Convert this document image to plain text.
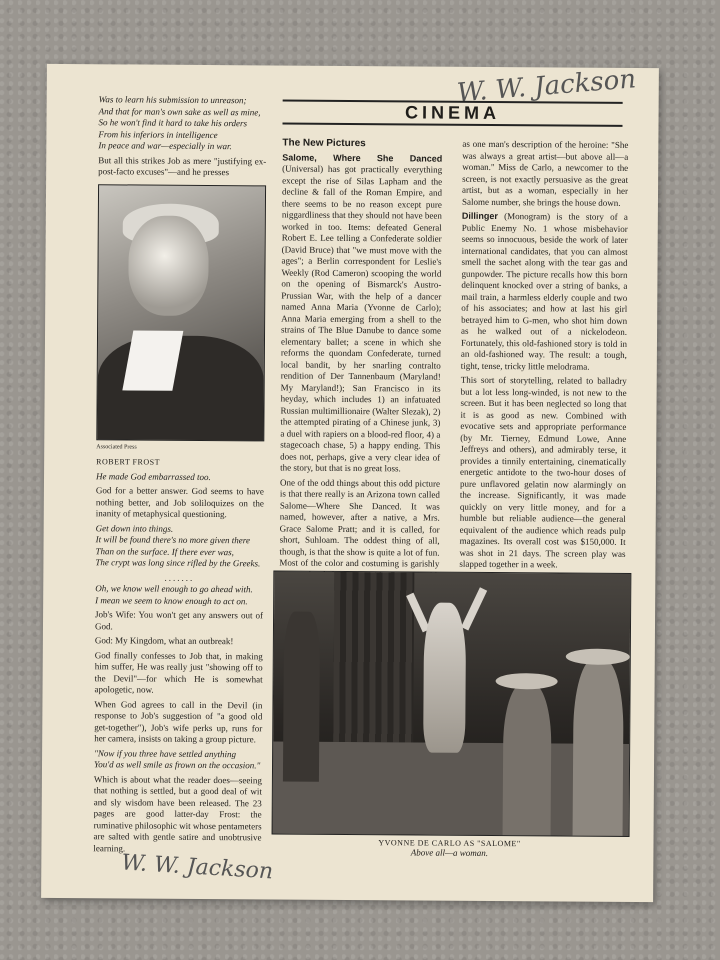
W. W. Jackson
Was to learn his submission to unreason;
And that for man's own sake as well as mine,
So he won't find it hard to take his orders
From his inferiors in intelligence
In peace and war—especially in war.

But all this strikes Job as mere "justifying ex-post-facto excuses"—and he presses

Associated Press

ROBERT FROST

He made God embarrassed too.

God for a better answer. God seems to have nothing better, and Job soliloquizes on the inanity of metaphysical questioning.

Get down into things.
It will be found there's no more given there
Than on the surface. If there ever was,
The crypt was long since rifled by the Greeks.
.......
Oh, we know well enough to go ahead with.
I mean we seem to know enough to act on.

Job's Wife: You won't get any answers out of God.

God: My Kingdom, what an outbreak!

God finally confesses to Job that, in making him suffer, He was really just "showing off to the Devil"—for which He is somewhat apologetic, now.

When God agrees to call in the Devil (in response to Job's suggestion of "a good old get-together"), Job's wife perks up, runs for her camera, insists on taking a group picture.

"Now if you three have settled anything
You'd as well smile as frown on the occasion."

Which is about what the reader does—seeing that nothing is settled, but a good deal of wit and sly wisdom have been released. The 23 pages are good latter-day Frost: the ruminative philosophic wit whose pentameters are salted with gentle satire and unobtrusive learning.

CINEMA

The New Pictures

Salome, Where She Danced (Universal) has got practically everything except the rise of Silas Lapham and the decline & fall of the Roman Empire, and there seems to be no reason except pure niggardliness that they should not have been worked in too. Items: defeated General Robert E. Lee telling a Confederate soldier (David Bruce) that "we must move with the ages"; a Berlin correspondent for Leslie's Weekly (Rod Cameron) scooping the world on the opening of Bismarck's Austro-Prussian War, with the help of a dancer named Anna Maria (Yvonne de Carlo); Anna Maria emerging from a shell to the strains of The Blue Danube to dance some elementary ballet; a scene in which she reforms the quondam Confederate, turned local bandit, by her snarling contralto rendition of Der Tannenbaum (Maryland! My Maryland!); San Francisco in its heyday, which includes 1) an infatuated Russian multimillionaire (Walter Slezak), 2) the attempted pirating of a Chinese junk, 3) a duel with rapiers on a blood-red floor, 4) a stagecoach chase, 5) a happy ending. This does not, perhaps, give a very clear idea of the story, but that is no great loss.

One of the odd things about this odd picture is that there really is an Arizona town called Salome—Where She Danced. It was named, however, after a native, a Mrs. Grace Salome Pratt; and it is called, for short, Suhloam. The oddest thing of all, though, is that the show is quite a lot of fun. Most of the color and costuming is garishly

as one man's description of the heroine: "She was always a great artist—but above all—a woman." Miss de Carlo, a newcomer to the screen, is not exactly persuasive as the great artist, but as a woman, especially in her Salome number, she brings the house down.

Dillinger (Monogram) is the story of a Public Enemy No. 1 whose misbehavior seems so innocuous, beside the work of later international candidates, that you can almost smell the sachet along with the tear gas and gunpowder. The picture recalls how this born delinquent knocked over a string of banks, a mail train, a harmless elderly couple and two of his associates; and how at last his girl betrayed him to G-men, who shot him down as he walked out of a nickelodeon. Fortunately, this old-fashioned story is told in an old-fashioned way. The result: a tough, tight, tense, tricky little melodrama.

This sort of storytelling, related to balladry but a lot less long-winded, is not new to the screen. But it has been neglected so long that it is as good as new. Combined with evocative sets and appropriate performance (by Mr. Tierney, Edmund Lowe, Anne Jeffreys and others), and admirably terse, it provides a tinnily entertaining, cinematically energetic antidote to the two-hour doses of pure unflavored gelatin now alarmingly on the increase. Significantly, it was made quickly on very little money, and for a humble but reliable audience—the general equivalent of the audience which reads pulp magazines. Its overall cost was $150,000. It was shot in 21 days. The screen play was slapped together in a week.

YVONNE DE CARLO AS "SALOME"
Above all—a woman.
W. W. Jackson
